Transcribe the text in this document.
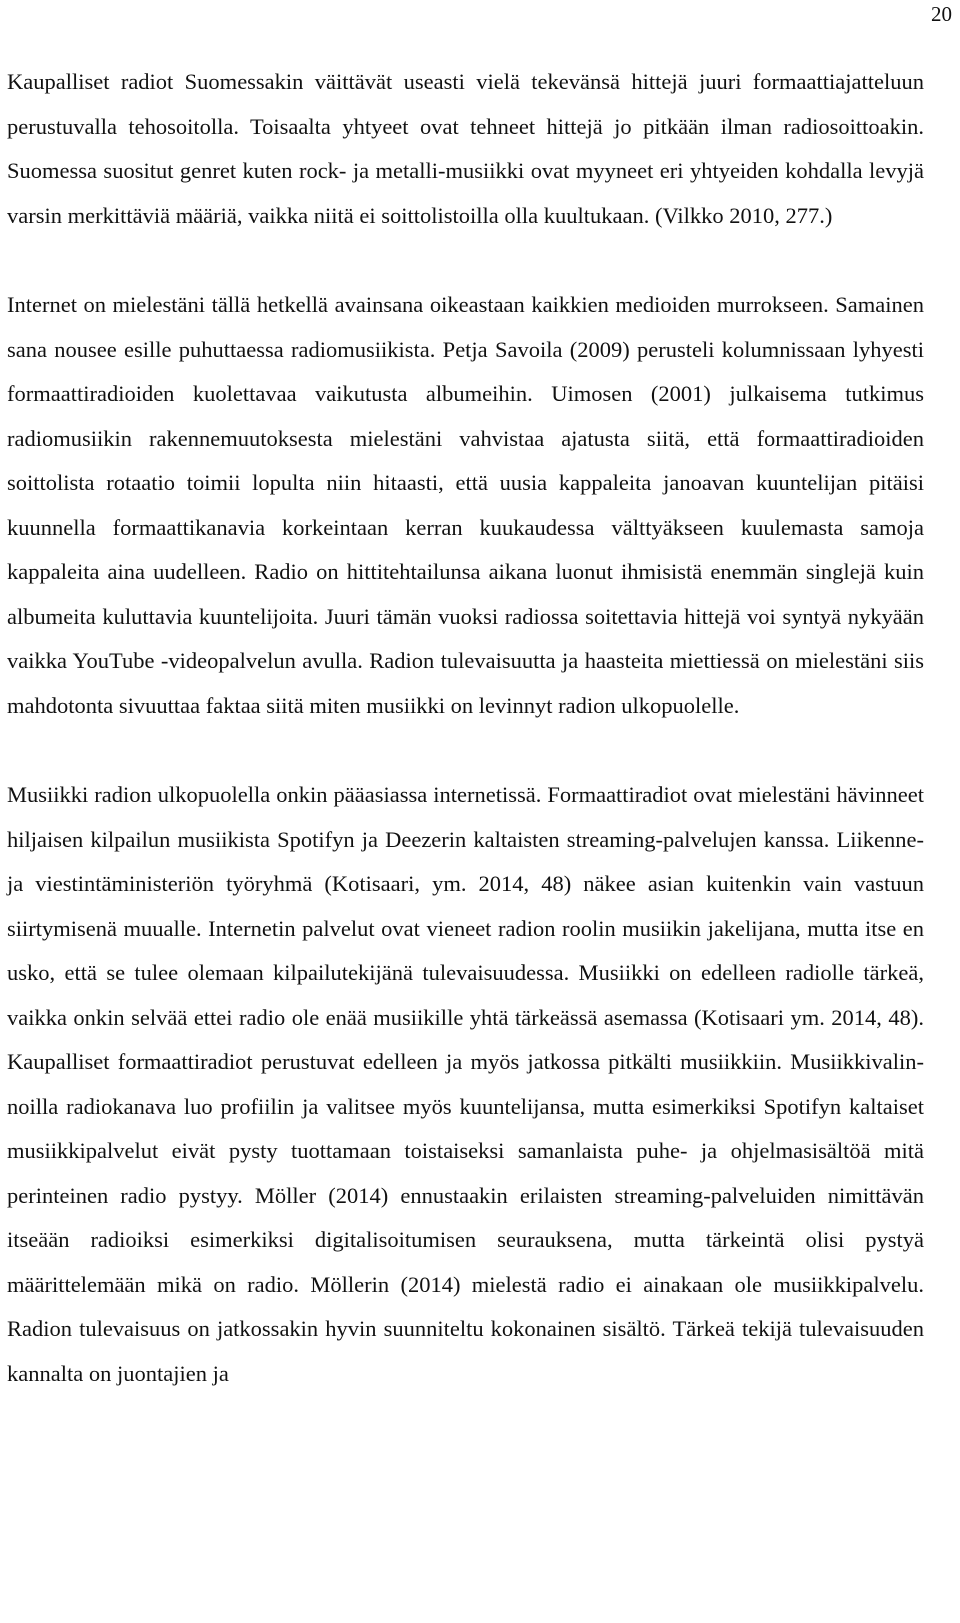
20

Kaupalliset radiot Suomessakin väittävät useasti vielä tekevänsä hittejä juuri formaattiajatteluun perustuvalla tehosoitolla. Toisaalta yhtyeet ovat tehneet hittejä jo pitkään ilman radiosoittoakin. Suomessa suositut genret kuten rock- ja metalli-musiikki ovat myyneet eri yhtyeiden kohdalla levyjä varsin merkittäviä määriä, vaikka niitä ei soittolistoilla olla kuultukaan. (Vilkko 2010, 277.)

Internet on mielestäni tällä hetkellä avainsana oikeastaan kaikkien medioiden murrokseen. Samainen sana nousee esille puhuttaessa radiomusiikista. Petja Savoila (2009) perusteli kolumnissaan lyhyesti formaattiradioiden kuolettavaa vaikutusta albumeihin. Uimosen (2001) julkaisema tutkimus radiomusiikin rakennemuutoksesta mielestäni vahvistaa ajatusta siitä, että formaattiradioiden soittolista rotaatio toimii lopulta niin hitaasti, että uusia kappaleita janoavan kuuntelijan pitäisi kuunnella formaattikanavia korkeintaan kerran kuukaudessa välttyäkseen kuulemasta samoja kappaleita aina uudelleen. Radio on hittitehtailunsa aikana luonut ihmisistä enemmän singlejä kuin albumeita kuluttavia kuuntelijoita. Juuri tämän vuoksi radiossa soitettavia hittejä voi syntyä nykyään vaikka YouTube -videopalvelun avulla. Radion tulevaisuutta ja haasteita miettiessä on mielestäni siis mahdotonta sivuuttaa faktaa siitä miten musiikki on levinnyt radion ulkopuolelle.

Musiikki radion ulkopuolella onkin pääasiassa internetissä. Formaattiradiot ovat mielestäni hävinneet hiljaisen kilpailun musiikista Spotifyn ja Deezerin kaltaisten streaming-palvelujen kanssa. Liikenne- ja viestintäministeriön työryhmä (Kotisaari, ym. 2014, 48) näkee asian kuitenkin vain vastuun siirtymisenä muualle. Internetin palvelut ovat vieneet radion roolin musiikin jakelijana, mutta itse en usko, että se tulee olemaan kilpailutekijänä tulevaisuudessa. Musiikki on edelleen radiolle tärkeä, vaikka onkin selvää ettei radio ole enää musiikille yhtä tärkeässä asemassa (Kotisaari ym. 2014, 48). Kaupalliset formaattiradiot perustuvat edelleen ja myös jatkossa pitkälti musiikkiin. Musiikkivalinnoilla radiokanava luo profiilin ja valitsee myös kuuntelijansa, mutta esimerkiksi Spotifyn kaltaiset musiikkipalvelut eivät pysty tuottamaan toistaiseksi samanlaista puhe- ja ohjelmasisältöä mitä perinteinen radio pystyy. Möller (2014) ennustaakin erilaisten streaming-palveluiden nimittävän itseään radioiksi esimerkiksi digitalisoitumisen seurauksena, mutta tärkeintä olisi pystyä määrittelemään mikä on radio. Möllerin (2014) mielestä radio ei ainakaan ole musiikkipalvelu. Radion tulevaisuus on jatkossakin hyvin suunniteltu kokonainen sisältö. Tärkeä tekijä tulevaisuuden kannalta on juontajien ja
